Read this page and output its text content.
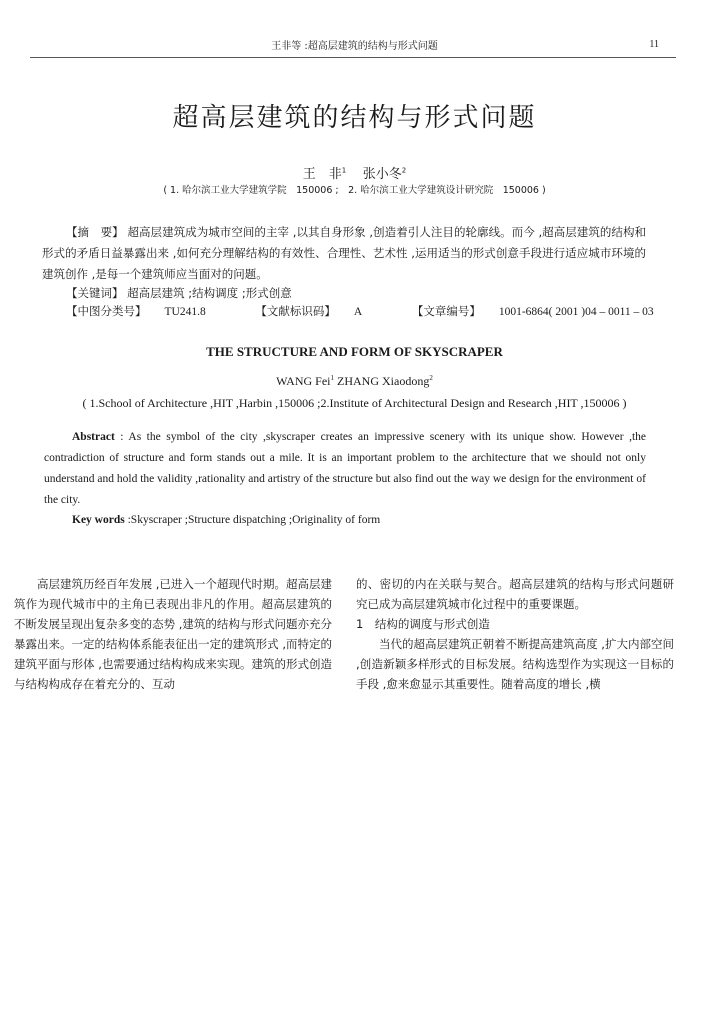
王非等 :超高层建筑的结构与形式问题	11
超高层建筑的结构与形式问题
王　非$^1$ 张小冬$^2$
( 1. 哈尔滨工业大学建筑学院　150006 ;　2. 哈尔滨工业大学建筑设计研究院　150006 )
【摘　要】 超高层建筑成为城市空间的主宰 ,以其自身形象 ,创造着引人注目的轮廓线。而今 ,超高层建筑的结构和形式的矛盾日益暴露出来 ,如何充分理解结构的有效性、合理性、艺术性 ,运用适当的形式创意手段进行适应城市环境的建筑创作 ,是每一个建筑师应当面对的问题。
【关键词】 超高层建筑 ;结构调度 ;形式创意
【中图分类号】 TU241.8	【文献标识码】 A	【文章编号】 1001-6864( 2001 )04 – 0011 – 03
THE STRUCTURE AND FORM OF SKYSCRAPER
WANG Fei$^1$ ZHANG Xiaodong$^2$
( 1.School of Architecture ,HIT ,Harbin ,150006 ;2.Institute of Architectural Design and Research ,HIT ,150006 )
Abstract : As the symbol of the city ,skyscraper creates an impressive scenery with its unique show. However ,the contradiction of structure and form stands out a mile. It is an important problem to the architecture that we should not only understand and hold the validity ,rationality and artistry of the structure but also find out the way we design for the environment of the city.
Key words :Skyscraper ;Structure dispatching ;Originality of form
高层建筑历经百年发展 ,已进入一个超现代时期。超高层建筑作为现代城市中的主角已表现出非凡的作用。超高层建筑的不断发展呈现出复杂多变的态势 ,建筑的结构与形式问题亦充分暴露出来。一定的结构体系能表征出一定的建筑形式 ,而特定的建筑平面与形体 ,也需要通过结构构成来实现。建筑的形式创造与结构构成存在着充分的、互动
的、密切的内在关联与契合。超高层建筑的结构与形式问题研究已成为高层建筑城市化过程中的重要课题。
1　结构的调度与形式创造
当代的超高层建筑正朝着不断提高建筑高度 ,扩大内部空间 ,创造新颖多样形式的目标发展。结构选型作为实现这一目标的手段 ,愈来愈显示其重要性。随着高度的增长 ,横
